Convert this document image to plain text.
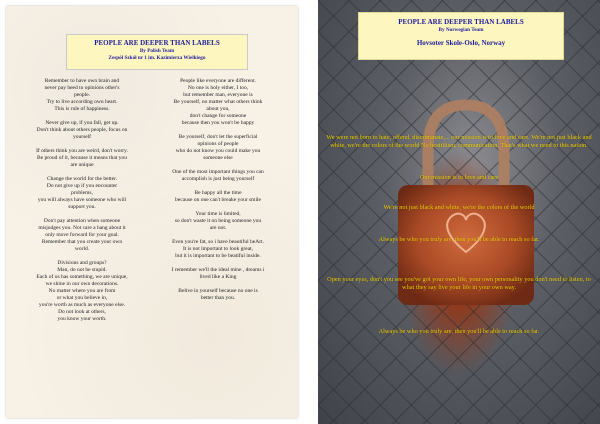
PEOPLE ARE DEEPER THAN LABELS
By Polish Team
Zespół Szkół nr 1 im. Kazimierza Wielkiego
Remember to have own brain and
never pay heed to opinions other's
people.
Try to live according own heart.
This is rule of happiness.
Never give up, if you fall, get up.
Don't think about others people, focus on
yourself
If others think you are weird, don't worry.
Be proud of it, because it means that you
are unique
Change the world for the better.
Do not give up if you encounter
problems,
you will always have someone who will
support you.
Don't pay attention when someone
misjudges you. Not care a hang about it
only move forward for your goal.
Remember that you create your own
world.
Divisions and groups?
Man, do not be stupid.
Each of us has something, we are unique,
we shine in our own decorations.
No matter where you are from
or what you believe in,
you're worth as much as everyone else.
Do not look at others,
you know your worth.
People like everyone are different.
No one is holy either, I too,
but remember man, everyone is
Be yourself, no matter what others think
about you,
don't change for someone
because then you won't be happy
Be yourself, don't let the superficial
opinions of people
who do not know you could make you
someone else
One of the most important things you can
accomplish is just being yourself
Be happy all the time
because on one can't breake your smile
Your time is limited,
so don't waste it on being someone you
are not.
Even you're fat, so i have beautiful heArt.
It is not important to look great,
but it is important to be beatiful inside.
I remember we'll the ideal mine , dreams i
lived like a King
Belive in yourself because no one is
better than you.
PEOPLE ARE DEEPER THAN LABELS
By Norwegian Team
Hovsoter Skole-Oslo, Norway
We were not born to hate, offend, discriminate,... our mission is to love and care. We're not just black and white, we're the colors of the world No hostiilism, communication. That's what we need to this nation.
Our mission is to love and care
We're not just black and white, we're the colors of the world
Always be who you truly are, then you'll be able to reach so far.
Open your eyes, don't you see you've got your own life, your own personality you don't need to listen, to what they say live your life in your own way.
Always be who you truly are, then you'll be able to reach so far.
